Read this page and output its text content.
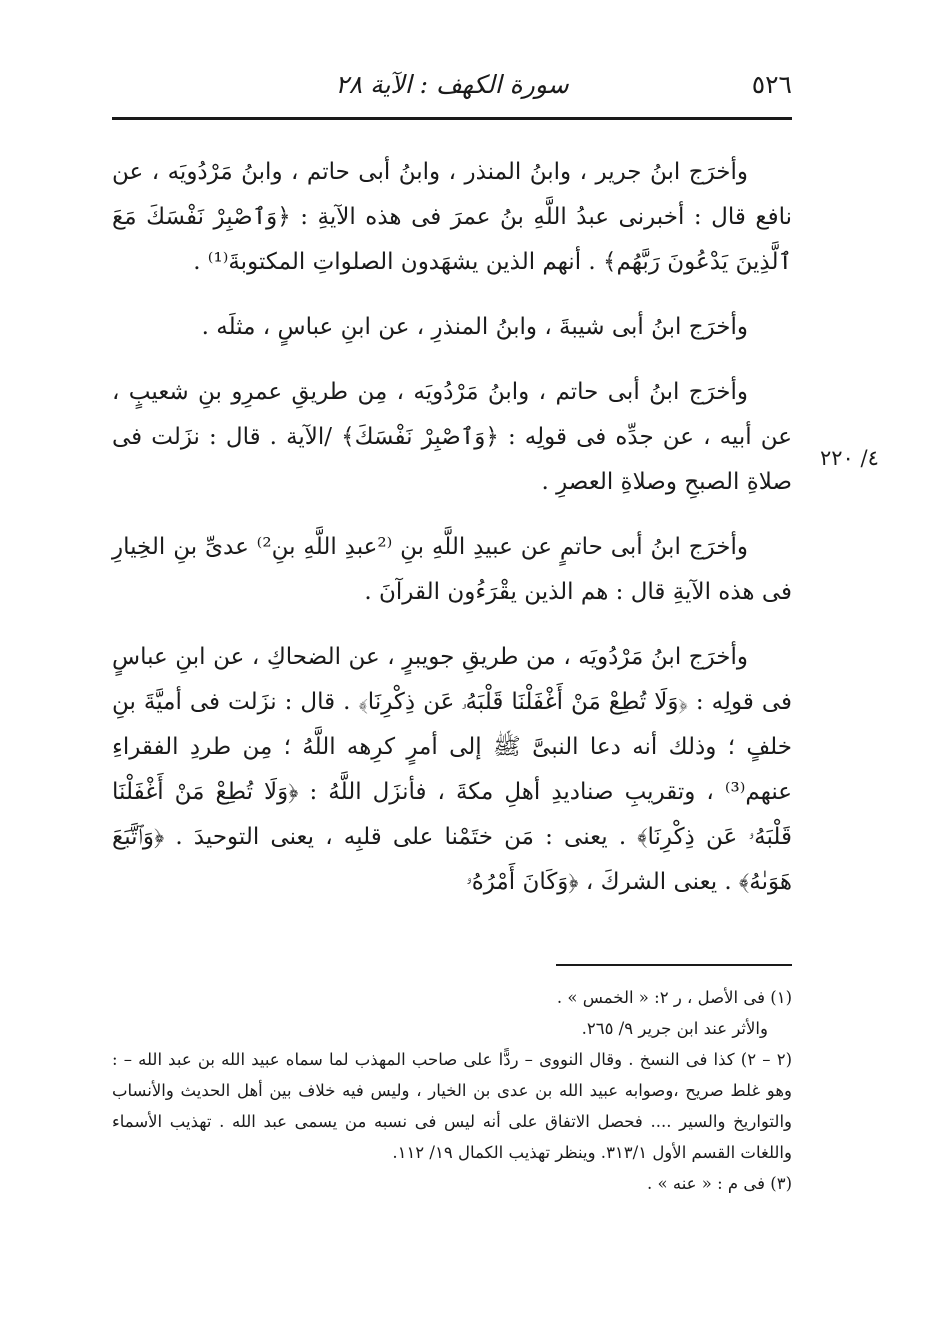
٥٢٦
سورة الكهف : الآية ٢٨
٤/ ٢٢٠

وأخرَج ابنُ جرير ، وابنُ المنذر ، وابنُ أبى حاتم ، وابنُ مَرْدُويَه ، عن نافع قال : أخبرنى عبدُ اللَّهِ بنُ عمرَ فى هذه الآيةِ : ﴿وَٱصْبِرْ نَفْسَكَ مَعَ ٱلَّذِينَ يَدْعُونَ رَبَّهُم﴾ . أنهم الذين يشهَدون الصلواتِ المكتوبةَ⁽¹⁾ .

وأخرَج ابنُ أبى شيبةَ ، وابنُ المنذرِ ، عن ابنِ عباسٍ ، مثلَه .

وأخرَج ابنُ أبى حاتم ، وابنُ مَرْدُويَه ، مِن طريقِ عمرِو بنِ شعيبٍ ، عن أبيه ، عن جدِّه فى قولِه : ﴿وَٱصْبِرْ نَفْسَكَ﴾ /الآية . قال : نزَلت فى صلاةِ الصبحِ وصلاةِ العصرِ .

وأخرَج ابنُ أبى حاتمٍ عن عبيدِ اللَّهِ بنِ ⁽²عبدِ اللَّهِ بنِ²⁾ عدىِّ بنِ الخِيارِ فى هذه الآيةِ قال : هم الذين يقْرَءُون القرآنَ .

وأخرَج ابنُ مَرْدُويَه ، من طريقِ جويبرٍ ، عن الضحاكِ ، عن ابنِ عباسٍ فى قولِه : ﴿وَلَا تُطِعْ مَنْ أَغْفَلْنَا قَلْبَهُۥ عَن ذِكْرِنَا﴾ . قال : نزَلت فى أميَّةَ بنِ خلفٍ ؛ وذلك أنه دعا النبىَّ ﷺ إلى أمرٍ كرِهه اللَّهُ ؛ مِن طردِ الفقراءِ عنهم⁽³⁾ ، وتقريبِ صناديدِ أهلِ مكةَ ، فأنزَل اللَّهُ : ﴿وَلَا تُطِعْ مَنْ أَغْفَلْنَا قَلْبَهُۥ عَن ذِكْرِنَا﴾ . يعنى : مَن ختَمْنا على قلبِه ، يعنى التوحيدَ . ﴿وَٱتَّبَعَ هَوَىٰهُ﴾ . يعنى الشركَ ، ﴿وَكَانَ أَمْرُهُۥ

(١) فى الأصل ، ر ٢: « الخمس » .

والأثر عند ابن جرير ٩/ ٢٦٥.

(٢ – ٢) كذا فى النسخ . وقال النووى – ردًّا على صاحب المهذب لما سماه عبيد الله بن عبد الله – : وهو غلط صريح ،وصوابه عبيد الله بن عدى بن الخيار ، وليس فيه خلاف بين أهل الحديث والأنساب والتواريخ والسير .... فحصل الاتفاق على أنه ليس فى نسبه من يسمى عبد الله . تهذيب الأسماء واللغات القسم الأول ٣١٣/١. وينظر تهذيب الكمال ١٩/ ١١٢.

(٣) فى م : « عنه » .
